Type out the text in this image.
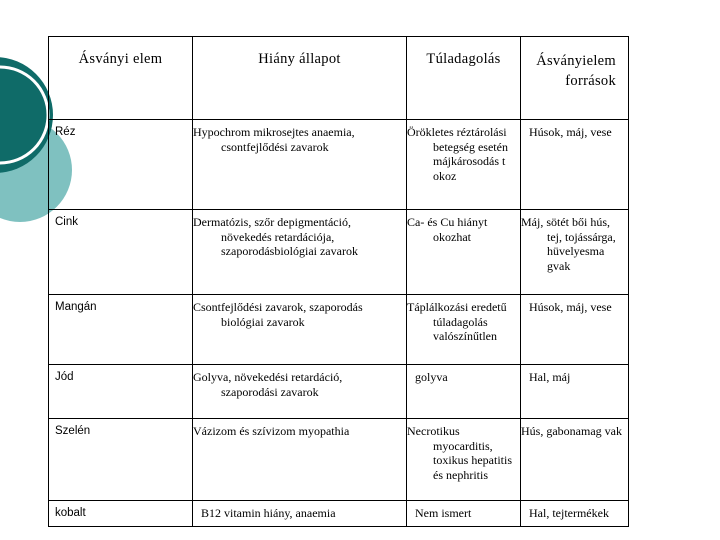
Ásványi elem	Hiány állapot	Túladagolás	Ásványielem források

Réz	Hypochrom mikrosejtes anaemia, csontfejlődési zavarok	Örökletes réztárolási betegség esetén májkárosodás t okoz	Húsok, máj, vese

Cink	Dermatózis, szőr depigmentáció, növekedés retardációja, szaporodásbiológiai zavarok	Ca- és Cu hiányt okozhat	Máj, sötét bői hús, tej, tojássárga, hüvelyesma gvak

Mangán	Csontfejlődési zavarok, szaporodás biológiai zavarok	Táplálkozási eredetű túladagolás valószínűtlen	Húsok, máj, vese

Jód	Golyva, növekedési retardáció, szaporodási zavarok	golyva	Hal, máj

Szelén	Vázizom és szívizom myopathia	Necrotikus myocarditis, toxikus hepatitis és nephritis	Hús, gabonamag vak

kobalt	B12 vitamin hiány, anaemia	Nem ismert	Hal, tejtermékek
